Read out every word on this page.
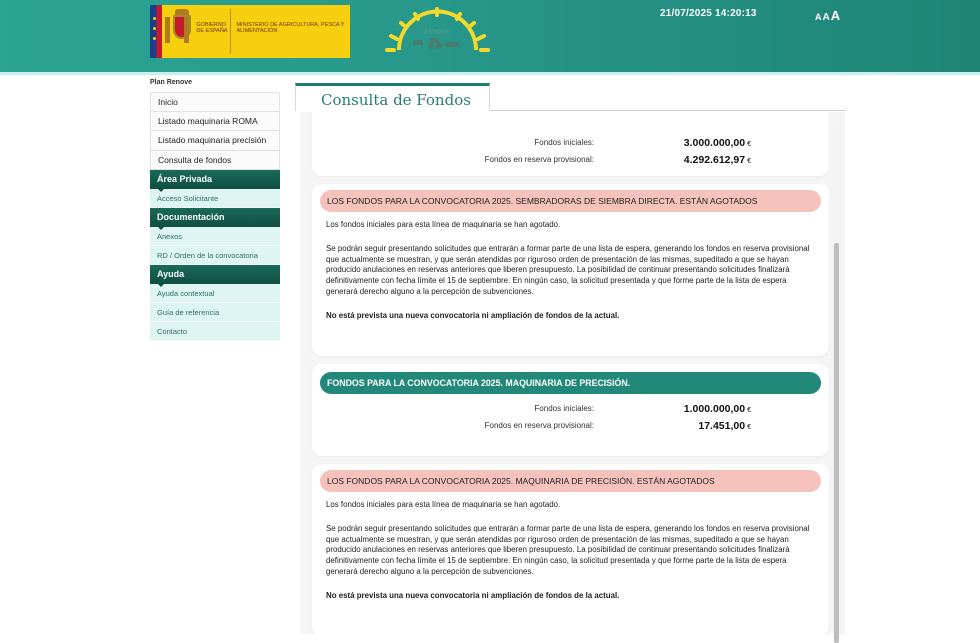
GOBIERNO DE ESPAÑA
MINISTERIO DE AGRICULTURA, PESCA Y ALIMENTACIÓN	RENOVE
21/07/2025 14:20:13	A A A
Plan Renove
Inicio
Listado maquinaria ROMA
Listado maquinaria precisión
Consulta de fondos
Área Privada
Acceso Solicitante
Documentación
Anexos
RD / Orden de la convocatoria
Ayuda
Ayuda contextual
Guía de referencia
Contacto
Consulta de Fondos
Fondos iniciales:	3.000.000,00 €
Fondos en reserva provisional:	4.292.612,97 €
LOS FONDOS PARA LA CONVOCATORIA 2025. SEMBRADORAS DE SIEMBRA DIRECTA. ESTÁN AGOTADOS
Los fondos iniciales para esta línea de maquinaria se han agotado.
Se podrán seguir presentando solicitudes que entrarán a formar parte de una lista de espera, generando los fondos en reserva provisional que actualmente se muestran, y que serán atendidas por riguroso orden de presentación de las mismas, supeditado a que se hayan producido anulaciones en reservas anteriores que liberen presupuesto. La posibilidad de continuar presentando solicitudes finalizará definitivamente con fecha límite el 15 de septiembre. En ningún caso, la solicitud presentada y que forme parte de la lista de espera generará derecho alguno a la percepción de subvenciones.
No está prevista una nueva convocatoria ni ampliación de fondos de la actual.
FONDOS PARA LA CONVOCATORIA 2025. MAQUINARIA DE PRECISIÓN.
Fondos iniciales:	1.000.000,00 €
Fondos en reserva provisional:	17.451,00 €
LOS FONDOS PARA LA CONVOCATORIA 2025. MAQUINARIA DE PRECISIÓN. ESTÁN AGOTADOS
Los fondos iniciales para esta línea de maquinaria se han agotado.
Se podrán seguir presentando solicitudes que entrarán a formar parte de una lista de espera, generando los fondos en reserva provisional que actualmente se muestran, y que serán atendidas por riguroso orden de presentación de las mismas, supeditado a que se hayan producido anulaciones en reservas anteriores que liberen presupuesto. La posibilidad de continuar presentando solicitudes finalizará definitivamente con fecha límite el 15 de septiembre. En ningún caso, la solicitud presentada y que forme parte de la lista de espera generará derecho alguno a la percepción de subvenciones.
No está prevista una nueva convocatoria ni ampliación de fondos de la actual.
